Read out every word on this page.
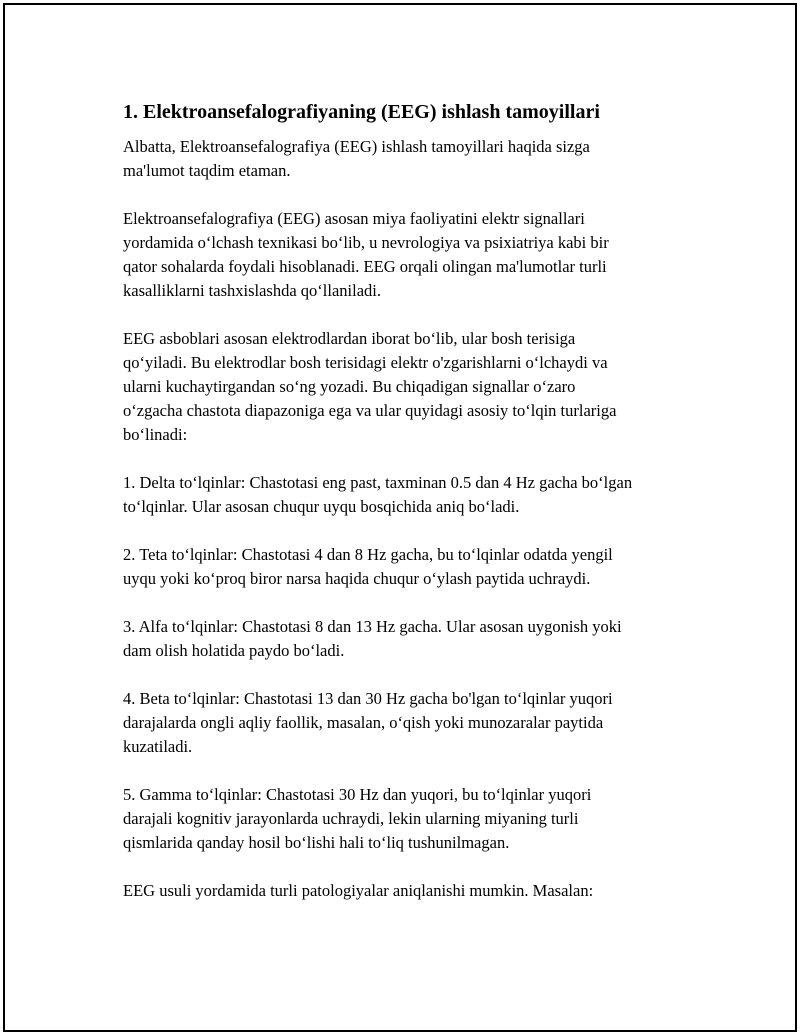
1. Elektroansefalografiyaning (EEG) ishlash tamoyillari

Albatta, Elektroansefalografiya (EEG) ishlash tamoyillari haqida sizga
ma'lumot taqdim etaman.

Elektroansefalografiya (EEG) asosan miya faoliyatini elektr signallari
yordamida o‘lchash texnikasi bo‘lib, u nevrologiya va psixiatriya kabi bir
qator sohalarda foydali hisoblanadi. EEG orqali olingan ma'lumotlar turli
kasalliklarni tashxislashda qo‘llaniladi.

EEG asboblari asosan elektrodlardan iborat bo‘lib, ular bosh terisiga
qo‘yiladi. Bu elektrodlar bosh terisidagi elektr o'zgarishlarni o‘lchaydi va
ularni kuchaytirgandan so‘ng yozadi. Bu chiqadigan signallar o‘zaro
o‘zgacha chastota diapazoniga ega va ular quyidagi asosiy to‘lqin turlariga
bo‘linadi:

1. Delta to‘lqinlar: Chastotasi eng past, taxminan 0.5 dan 4 Hz gacha bo‘lgan
to‘lqinlar. Ular asosan chuqur uyqu bosqichida aniq bo‘ladi.

2. Teta to‘lqinlar: Chastotasi 4 dan 8 Hz gacha, bu to‘lqinlar odatda yengil
uyqu yoki ko‘proq biror narsa haqida chuqur o‘ylash paytida uchraydi.

3. Alfa to‘lqinlar: Chastotasi 8 dan 13 Hz gacha. Ular asosan uygonish yoki
dam olish holatida paydo bo‘ladi.

4. Beta to‘lqinlar: Chastotasi 13 dan 30 Hz gacha bo'lgan to‘lqinlar yuqori
darajalarda ongli aqliy faollik, masalan, o‘qish yoki munozaralar paytida
kuzatiladi.

5. Gamma to‘lqinlar: Chastotasi 30 Hz dan yuqori, bu to‘lqinlar yuqori
darajali kognitiv jarayonlarda uchraydi, lekin ularning miyaning turli
qismlarida qanday hosil bo‘lishi hali to‘liq tushunilmagan.

EEG usuli yordamida turli patologiyalar aniqlanishi mumkin. Masalan:
